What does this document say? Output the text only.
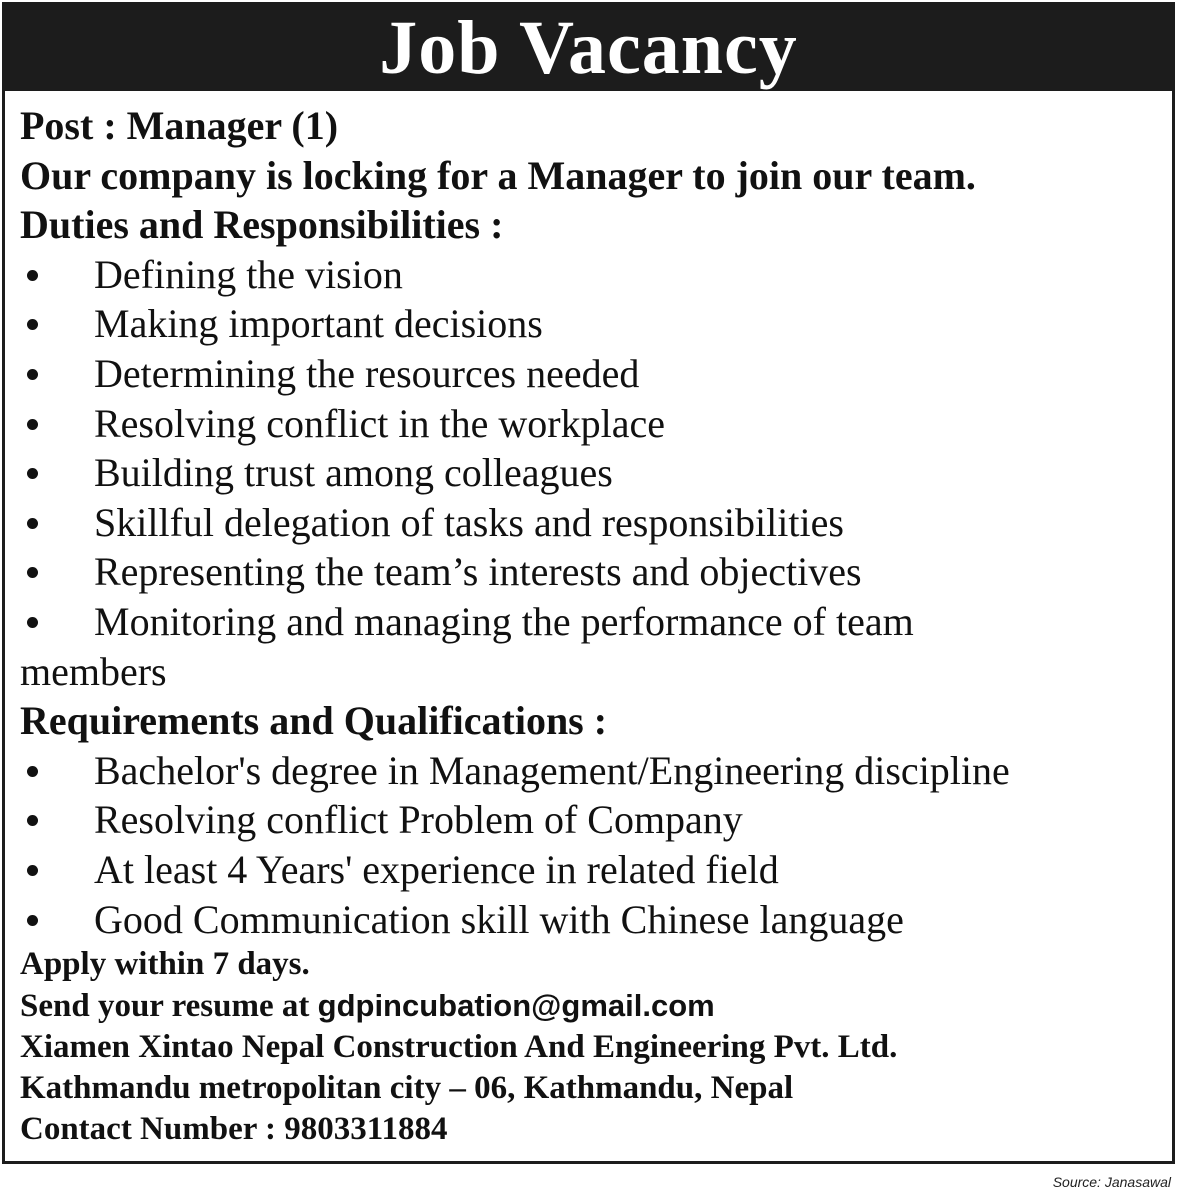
Job Vacancy
Post : Manager (1)
Our company is locking for a Manager to join our team.
Duties and Responsibilities :
Defining the vision
Making important decisions
Determining the resources needed
Resolving conflict in the workplace
Building trust among colleagues
Skillful delegation of tasks and responsibilities
Representing the team’s interests and objectives
Monitoring and managing the performance of team
members
Requirements and Qualifications :
Bachelor's degree in Management/Engineering discipline
Resolving conflict Problem of Company
At least 4 Years' experience in related field
Good Communication skill with Chinese language
Apply within 7 days.
Send your resume at gdpincubation@gmail.com
Xiamen Xintao Nepal Construction And Engineering Pvt. Ltd.
Kathmandu metropolitan city – 06, Kathmandu, Nepal
Contact Number : 9803311884
Source: Janasawal
